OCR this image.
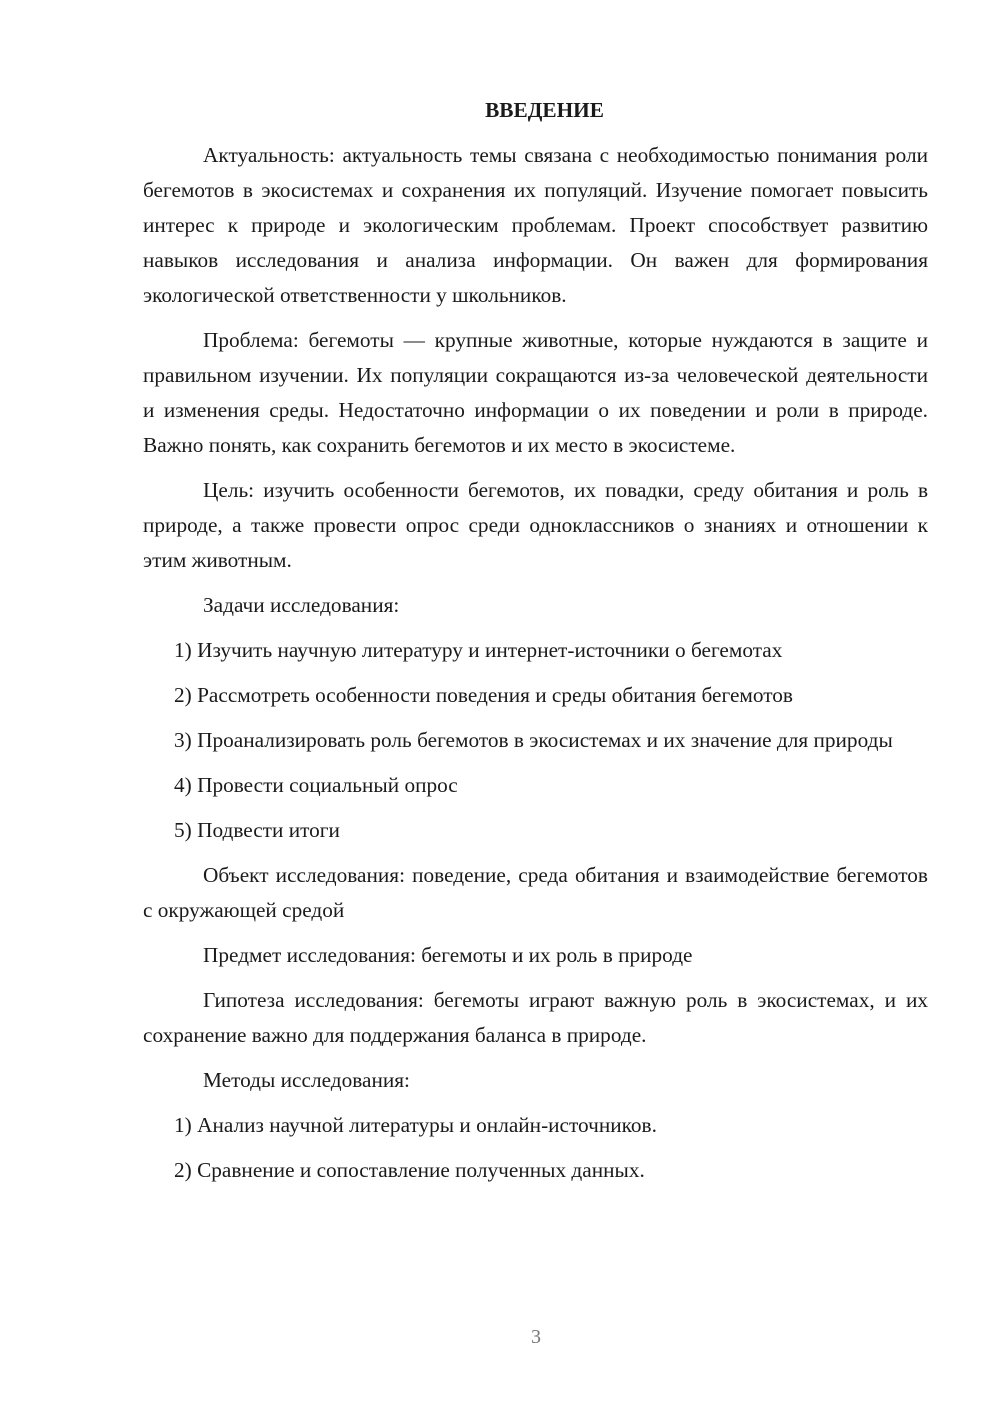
ВВЕДЕНИЕ

Актуальность: актуальность темы связана с необходимостью понимания роли бегемотов в экосистемах и сохранения их популяций. Изучение помогает повысить интерес к природе и экологическим проблемам. Проект способствует развитию навыков исследования и анализа информации. Он важен для формирования экологической ответственности у школьников.

Проблема: бегемоты — крупные животные, которые нуждаются в защите и правильном изучении. Их популяции сокращаются из-за человеческой деятельности и изменения среды. Недостаточно информации о их поведении и роли в природе. Важно понять, как сохранить бегемотов и их место в экосистеме.

Цель: изучить особенности бегемотов, их повадки, среду обитания и роль в природе, а также провести опрос среди одноклассников о знаниях и отношении к этим животным.

Задачи исследования:

1) Изучить научную литературу и интернет-источники о бегемотах

2) Рассмотреть особенности поведения и среды обитания бегемотов

3) Проанализировать роль бегемотов в экосистемах и их значение для природы

4) Провести социальный опрос

5) Подвести итоги

Объект исследования: поведение, среда обитания и взаимодействие бегемотов с окружающей средой

Предмет исследования: бегемоты и их роль в природе

Гипотеза исследования: бегемоты играют важную роль в экосистемах, и их сохранение важно для поддержания баланса в природе.

Методы исследования:

1) Анализ научной литературы и онлайн-источников.

2) Сравнение и сопоставление полученных данных.

3
